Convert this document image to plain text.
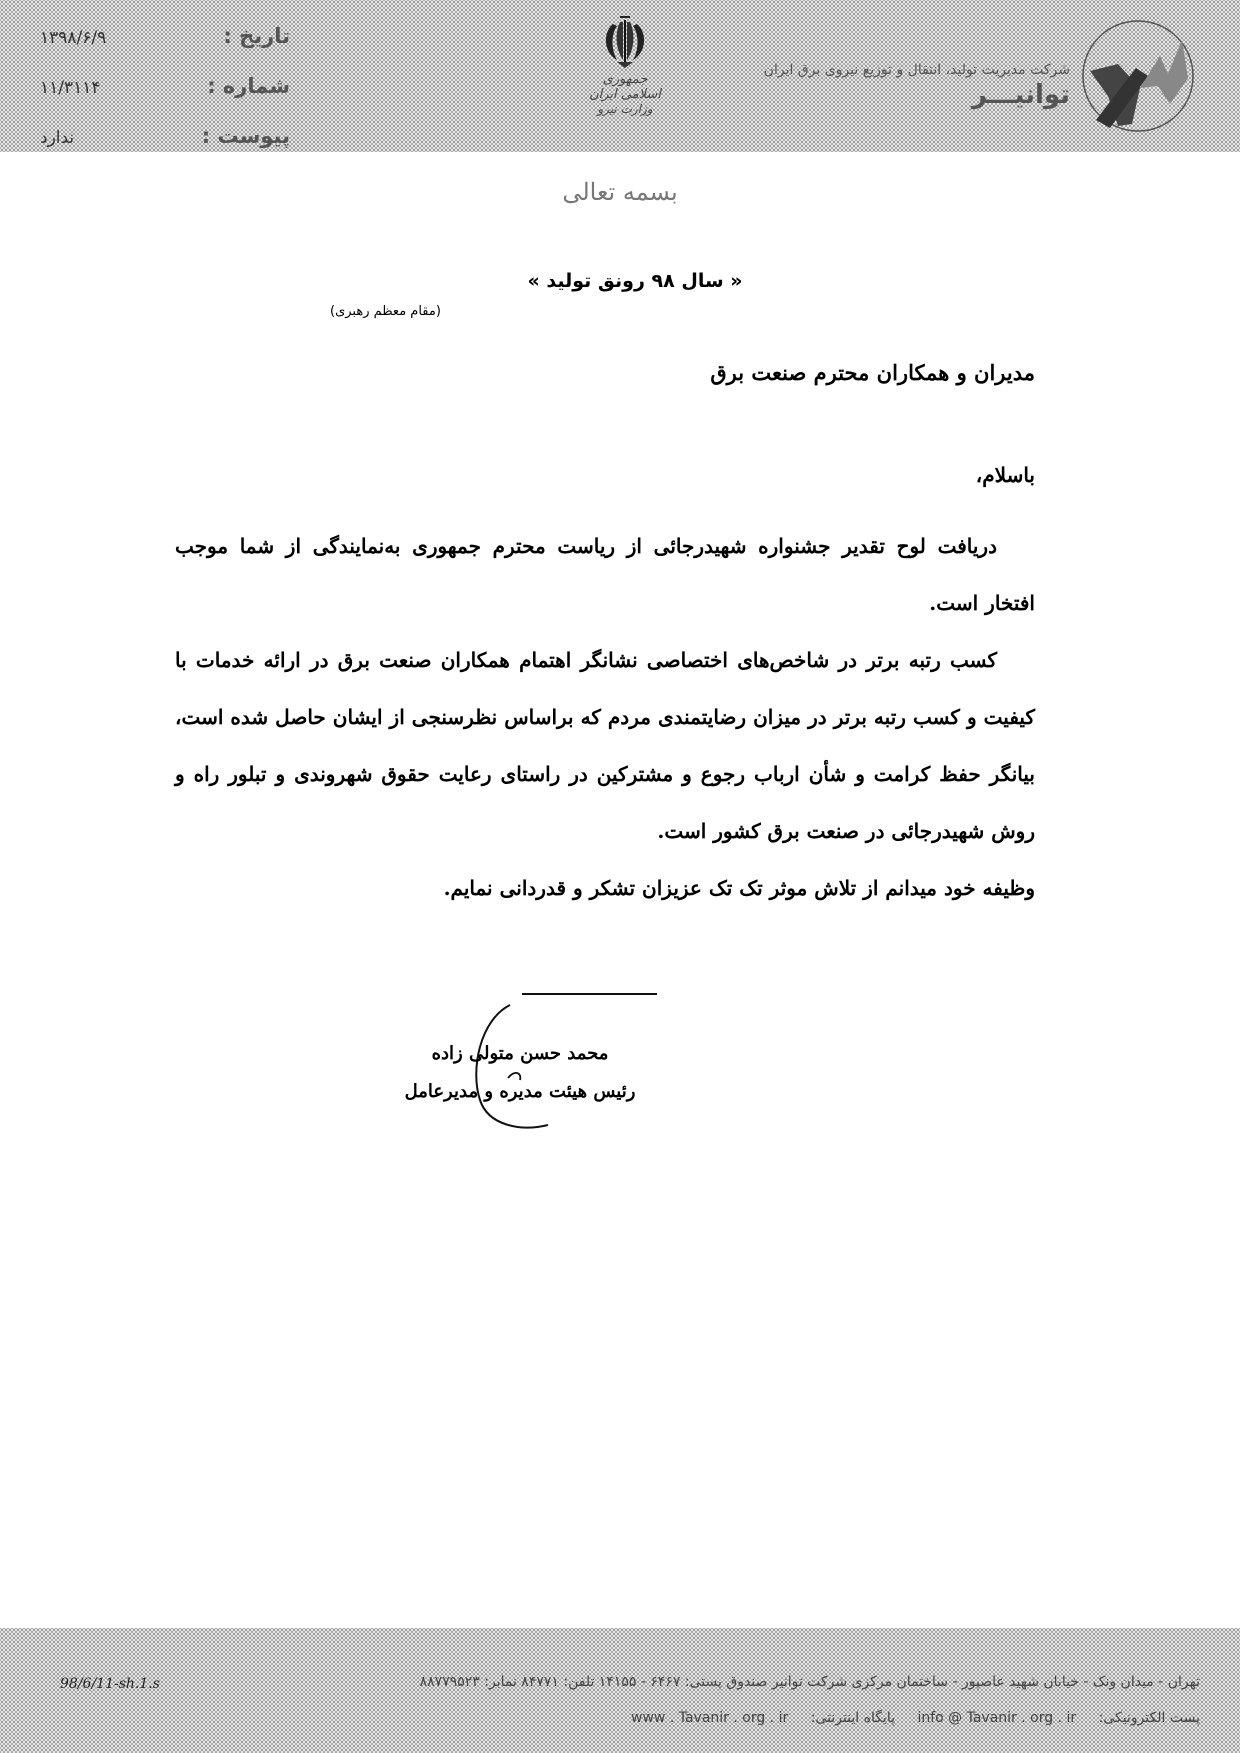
تاریخ :
شماره :
پیوست :
۱۳۹۸/۶/۹
۱۱/۳۱۱۴
ندارد
جمهوری اسلامی ایران
وزارت نیرو
شرکت مدیریت تولید، انتقال و توزیع نیروی برق ایران
توانیـــر
بسمه تعالی
« سال ۹۸ رونق تولید »
(مقام معظم رهبری)
مدیران و همکاران محترم صنعت برق
باسلام،

دریافت لوح تقدیر جشنواره شهیدرجائی از ریاست محترم جمهوری به‌نمایندگی از شما موجب افتخار است.

کسب رتبه برتر در شاخص‌های اختصاصی نشانگر اهتمام همکاران صنعت برق در ارائه خدمات با کیفیت و کسب رتبه برتر در میزان رضایتمندی مردم که براساس نظرسنجی از ایشان حاصل شده است، بیانگر حفظ کرامت و شأن ارباب رجوع و مشترکین در راستای رعایت حقوق شهروندی و تبلور راه و روش شهیدرجائی در صنعت برق کشور است.

وظیفه خود میدانم از تلاش موثر تک تک عزیزان تشکر و قدردانی نمایم.

محمد حسن متولی زاده
رئیس هیئت مدیره و مدیرعامل
98/6/11-sh.1.s	تهران - میدان ونک - خیابان شهید عاصپور - ساختمان مرکزی شرکت توانیر صندوق پستی: ۶۴۶۷ - ۱۴۱۵۵ تلفن: ۸۴۷۷۱ نمابر: ۸۸۷۷۹۵۲۳
پست الکترونیکی: info @ Tavanir . org . ir پایگاه اینترنتی: www . Tavanir . org . ir
